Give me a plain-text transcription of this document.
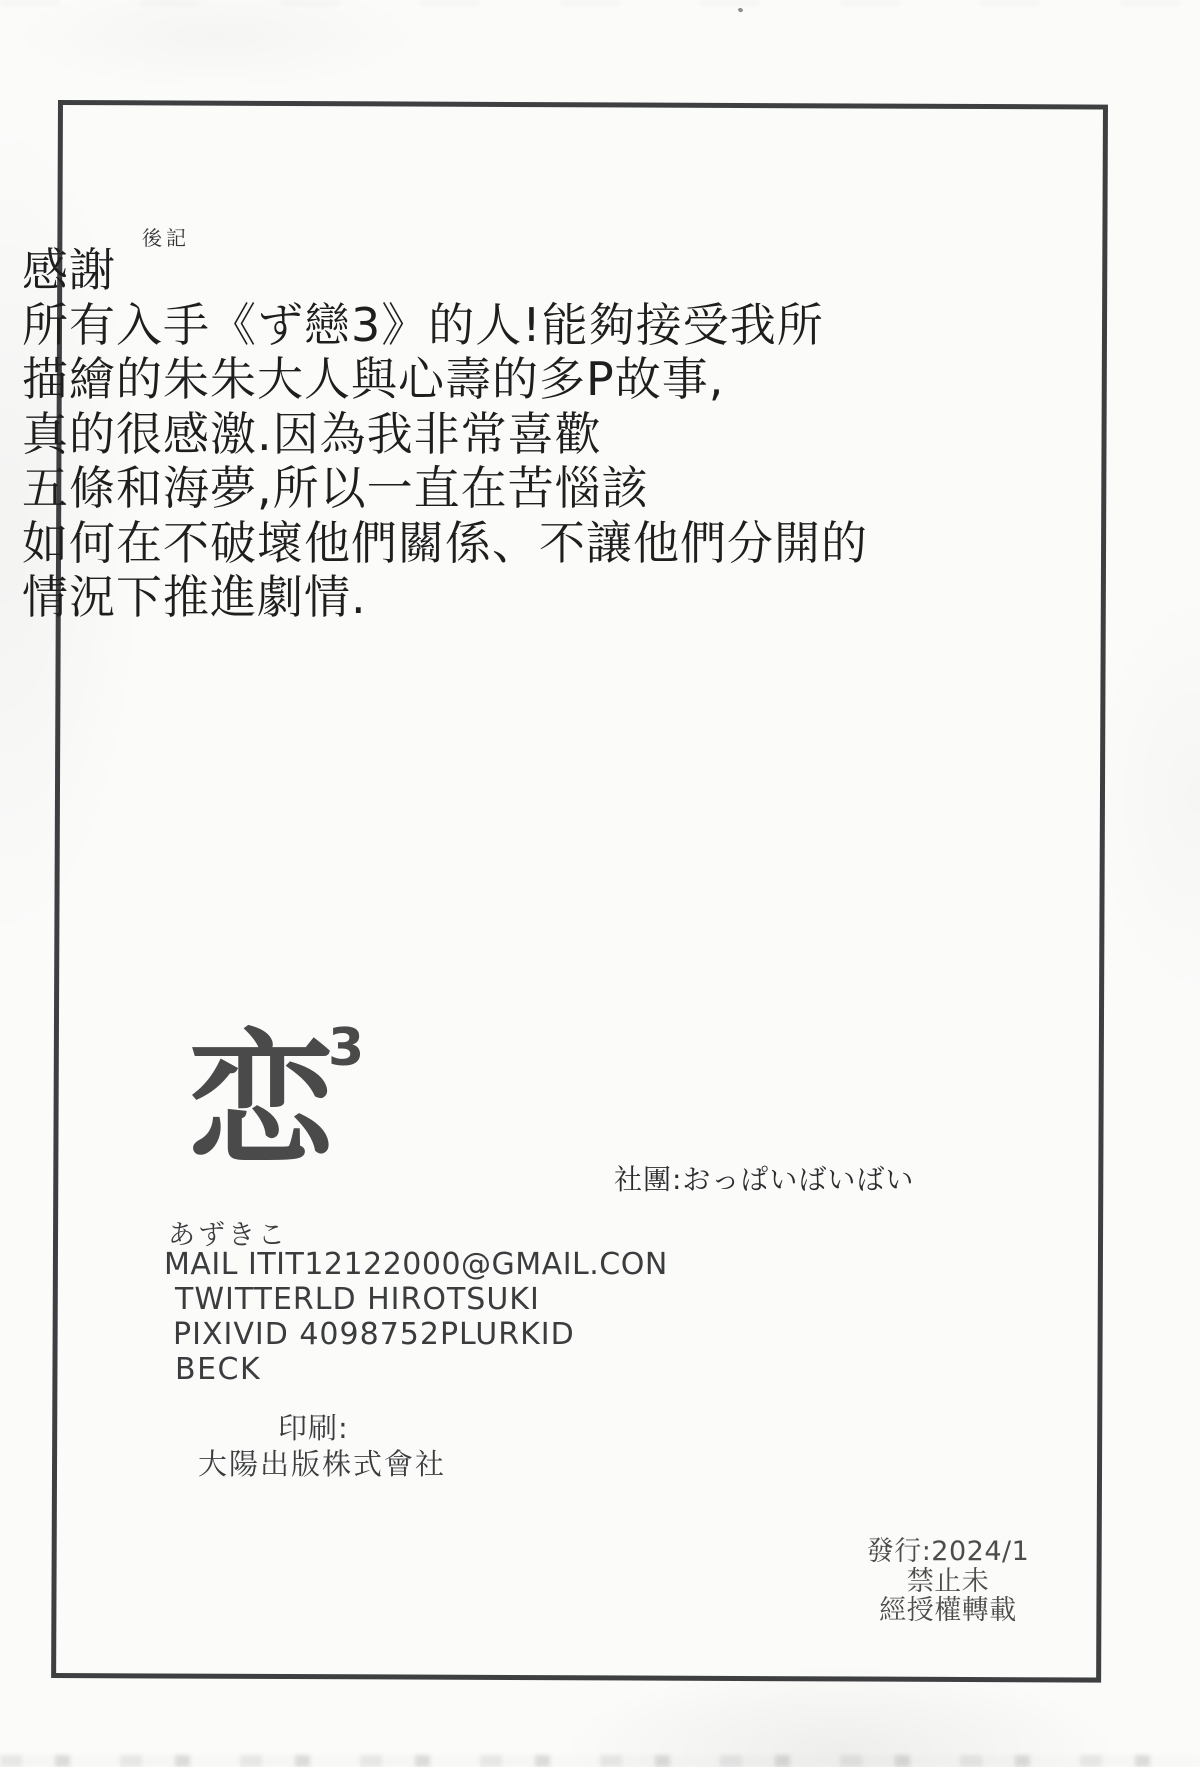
後記
感謝
所有入手《ず戀3》的人!能夠接受我所
描繪的朱朱大人與心壽的多P故事,
真的很感激.因為我非常喜歡
五條和海夢,所以一直在苦惱該
如何在不破壞他們關係、不讓他們分開的
情況下推進劇情.
恋
3
社團:おっぱいばいばい
あずきこ
MAIL ITIT12122000@GMAIL.CON
TWITTERLD HIROTSUKI
PIXIVID 4098752PLURKID
BECK
印刷:
大陽出版株式會社
發行:2024/1
禁止未
經授權轉載
